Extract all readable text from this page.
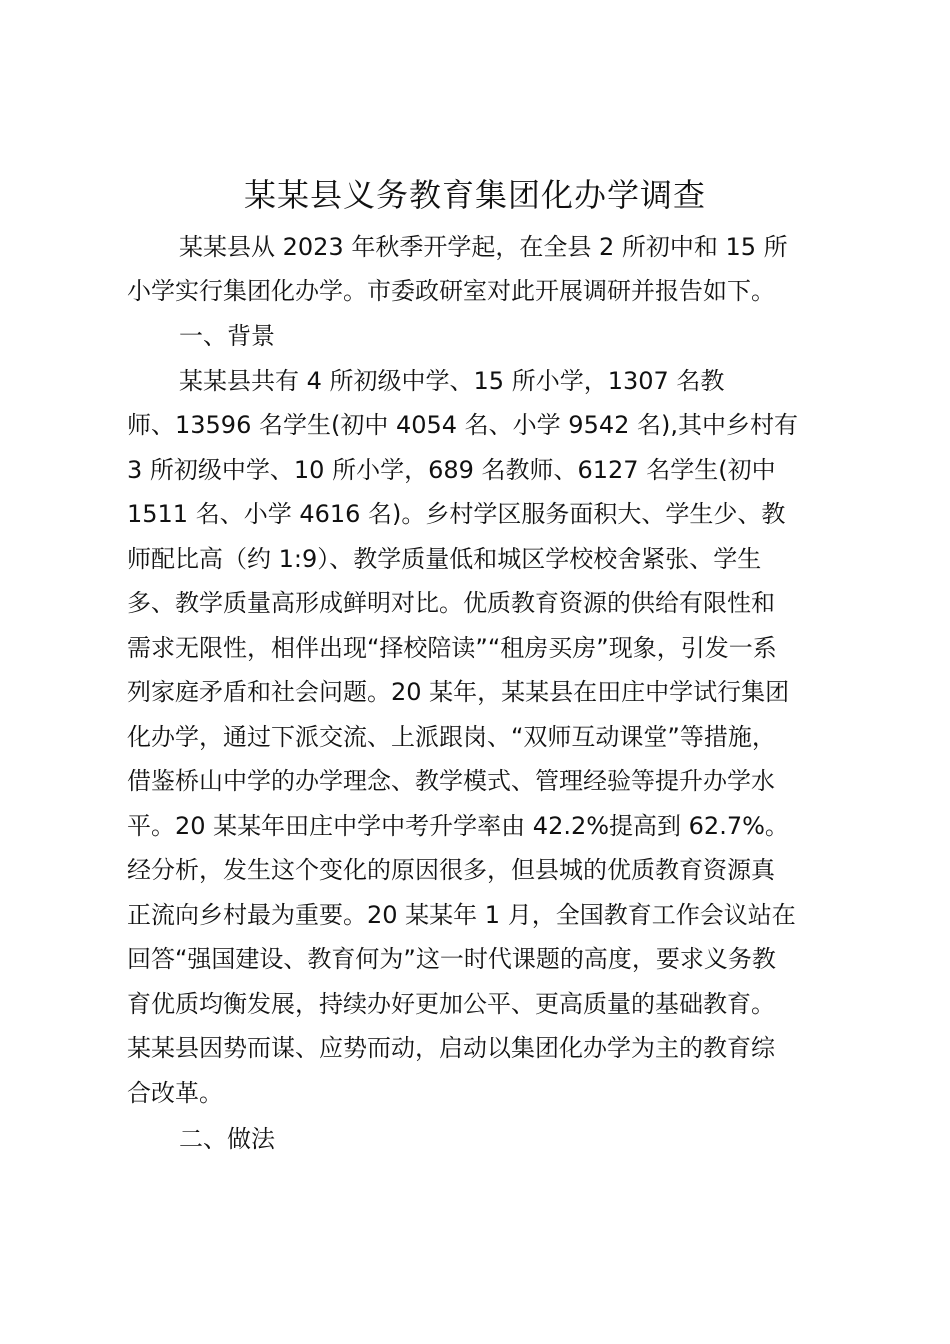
某某县义务教育集团化办学调查

某某县从 2023 年秋季开学起，在全县 2 所初中和 15 所

小学实行集团化办学。市委政研室对此开展调研并报告如下。

一、背景

某某县共有 4 所初级中学、15 所小学，1307 名教

师、13596 名学生(初中 4054 名、小学 9542 名),其中乡村有

3 所初级中学、10 所小学，689 名教师、6127 名学生(初中

1511 名、小学 4616 名)。乡村学区服务面积大、学生少、教

师配比高（约 1:9）、教学质量低和城区学校校舍紧张、学生

多、教学质量高形成鲜明对比。优质教育资源的供给有限性和

需求无限性，相伴出现“择校陪读”“租房买房”现象，引发一系

列家庭矛盾和社会问题。20 某年，某某县在田庄中学试行集团

化办学，通过下派交流、上派跟岗、“双师互动课堂”等措施，

借鉴桥山中学的办学理念、教学模式、管理经验等提升办学水

平。20 某某年田庄中学中考升学率由 42.2%提高到 62.7%。

经分析，发生这个变化的原因很多，但县城的优质教育资源真

正流向乡村最为重要。20 某某年 1 月，全国教育工作会议站在

回答“强国建设、教育何为”这一时代课题的高度，要求义务教

育优质均衡发展，持续办好更加公平、更高质量的基础教育。

某某县因势而谋、应势而动，启动以集团化办学为主的教育综

合改革。

二、做法
